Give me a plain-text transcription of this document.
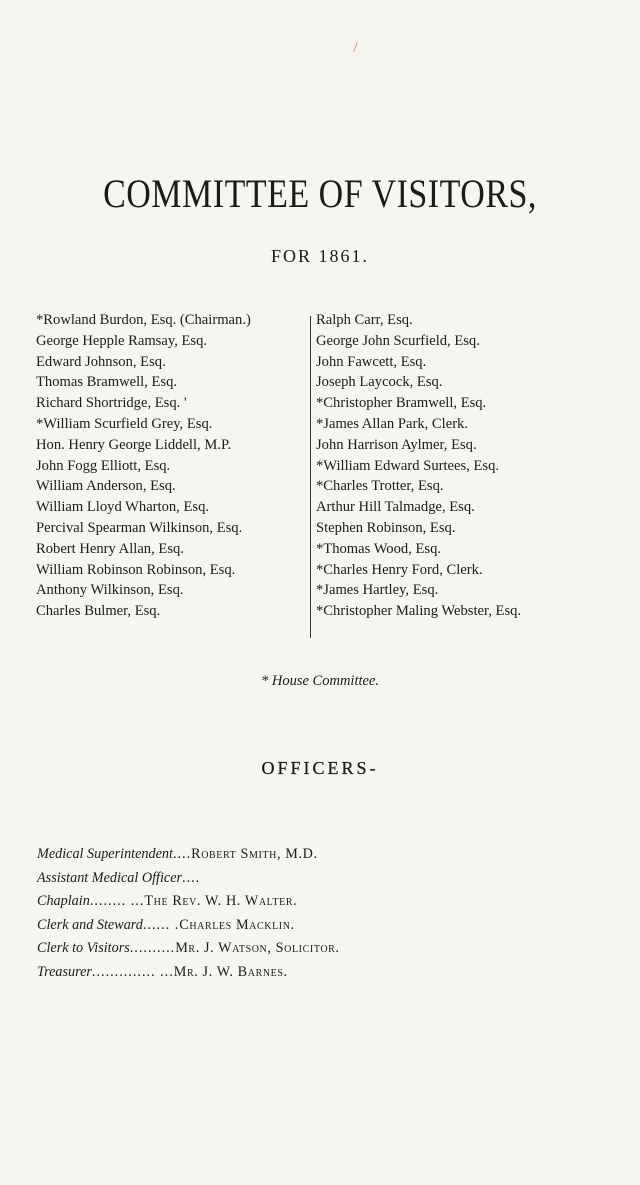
COMMITTEE OF VISITORS,
FOR 1861.
*Rowland Burdon, Esq. (Chairman.)
George Hepple Ramsay, Esq.
Edward Johnson, Esq.
Thomas Bramwell, Esq.
Richard Shortridge, Esq. '
*William Scurfield Grey, Esq.
Hon. Henry George Liddell, M.P.
John Fogg Elliott, Esq.
William Anderson, Esq.
William Lloyd Wharton, Esq.
Percival Spearman Wilkinson, Esq.
Robert Henry Allan, Esq.
William Robinson Robinson, Esq.
Anthony Wilkinson, Esq.
Charles Bulmer, Esq.
Ralph Carr, Esq.
George John Scurfield, Esq.
John Fawcett, Esq.
Joseph Laycock, Esq.
*Christopher Bramwell, Esq.
*James Allan Park, Clerk.
John Harrison Aylmer, Esq.
*William Edward Surtees, Esq.
*Charles Trotter, Esq.
Arthur Hill Talmadge, Esq.
Stephen Robinson, Esq.
*Thomas Wood, Esq.
*Charles Henry Ford, Clerk.
*James Hartley, Esq.
*Christopher Maling Webster, Esq.
* House Committee.
OFFICERS-
Medical Superintendent .... Robert Smith, M.D.
Assistant Medical Officer ....
Chaplain ........ ... The Rev. W. H. Walter.
Clerk and Steward ...... . Charles Macklin.
Clerk to Visitors .......... Mr. J. Watson, Solicitor.
Treasurer .............. ... Mr. J. W. Barnes.
